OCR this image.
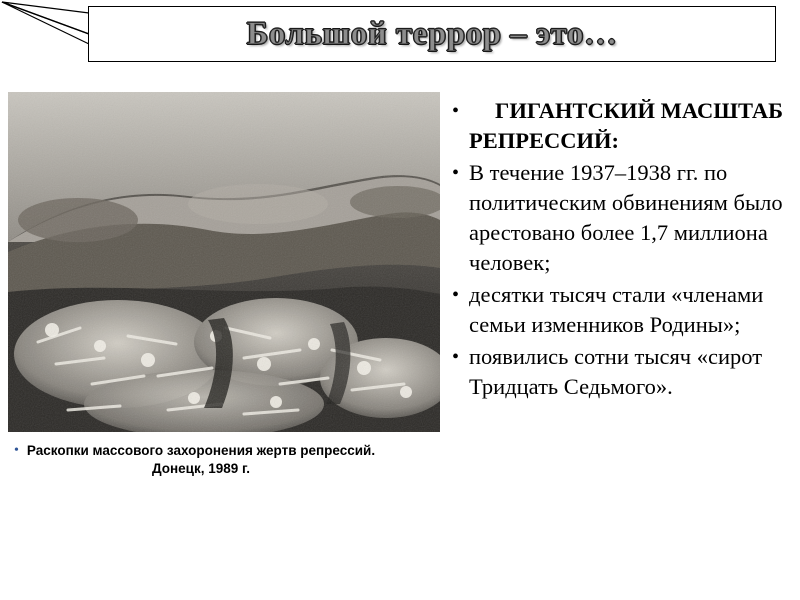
Большой террор – это…
• Раскопки массового захоронения жертв репрессий.
Донецк, 1989 г.
•	ГИГАНТСКИЙ МАСШТАБ РЕПРЕССИЙ:
• В течение 1937–1938 гг. по политическим обвинениям было арестовано более 1,7 миллиона человек;
• десятки тысяч стали «членами семьи изменников Родины»;
• появились сотни тысяч «сирот Тридцать Седьмого».
